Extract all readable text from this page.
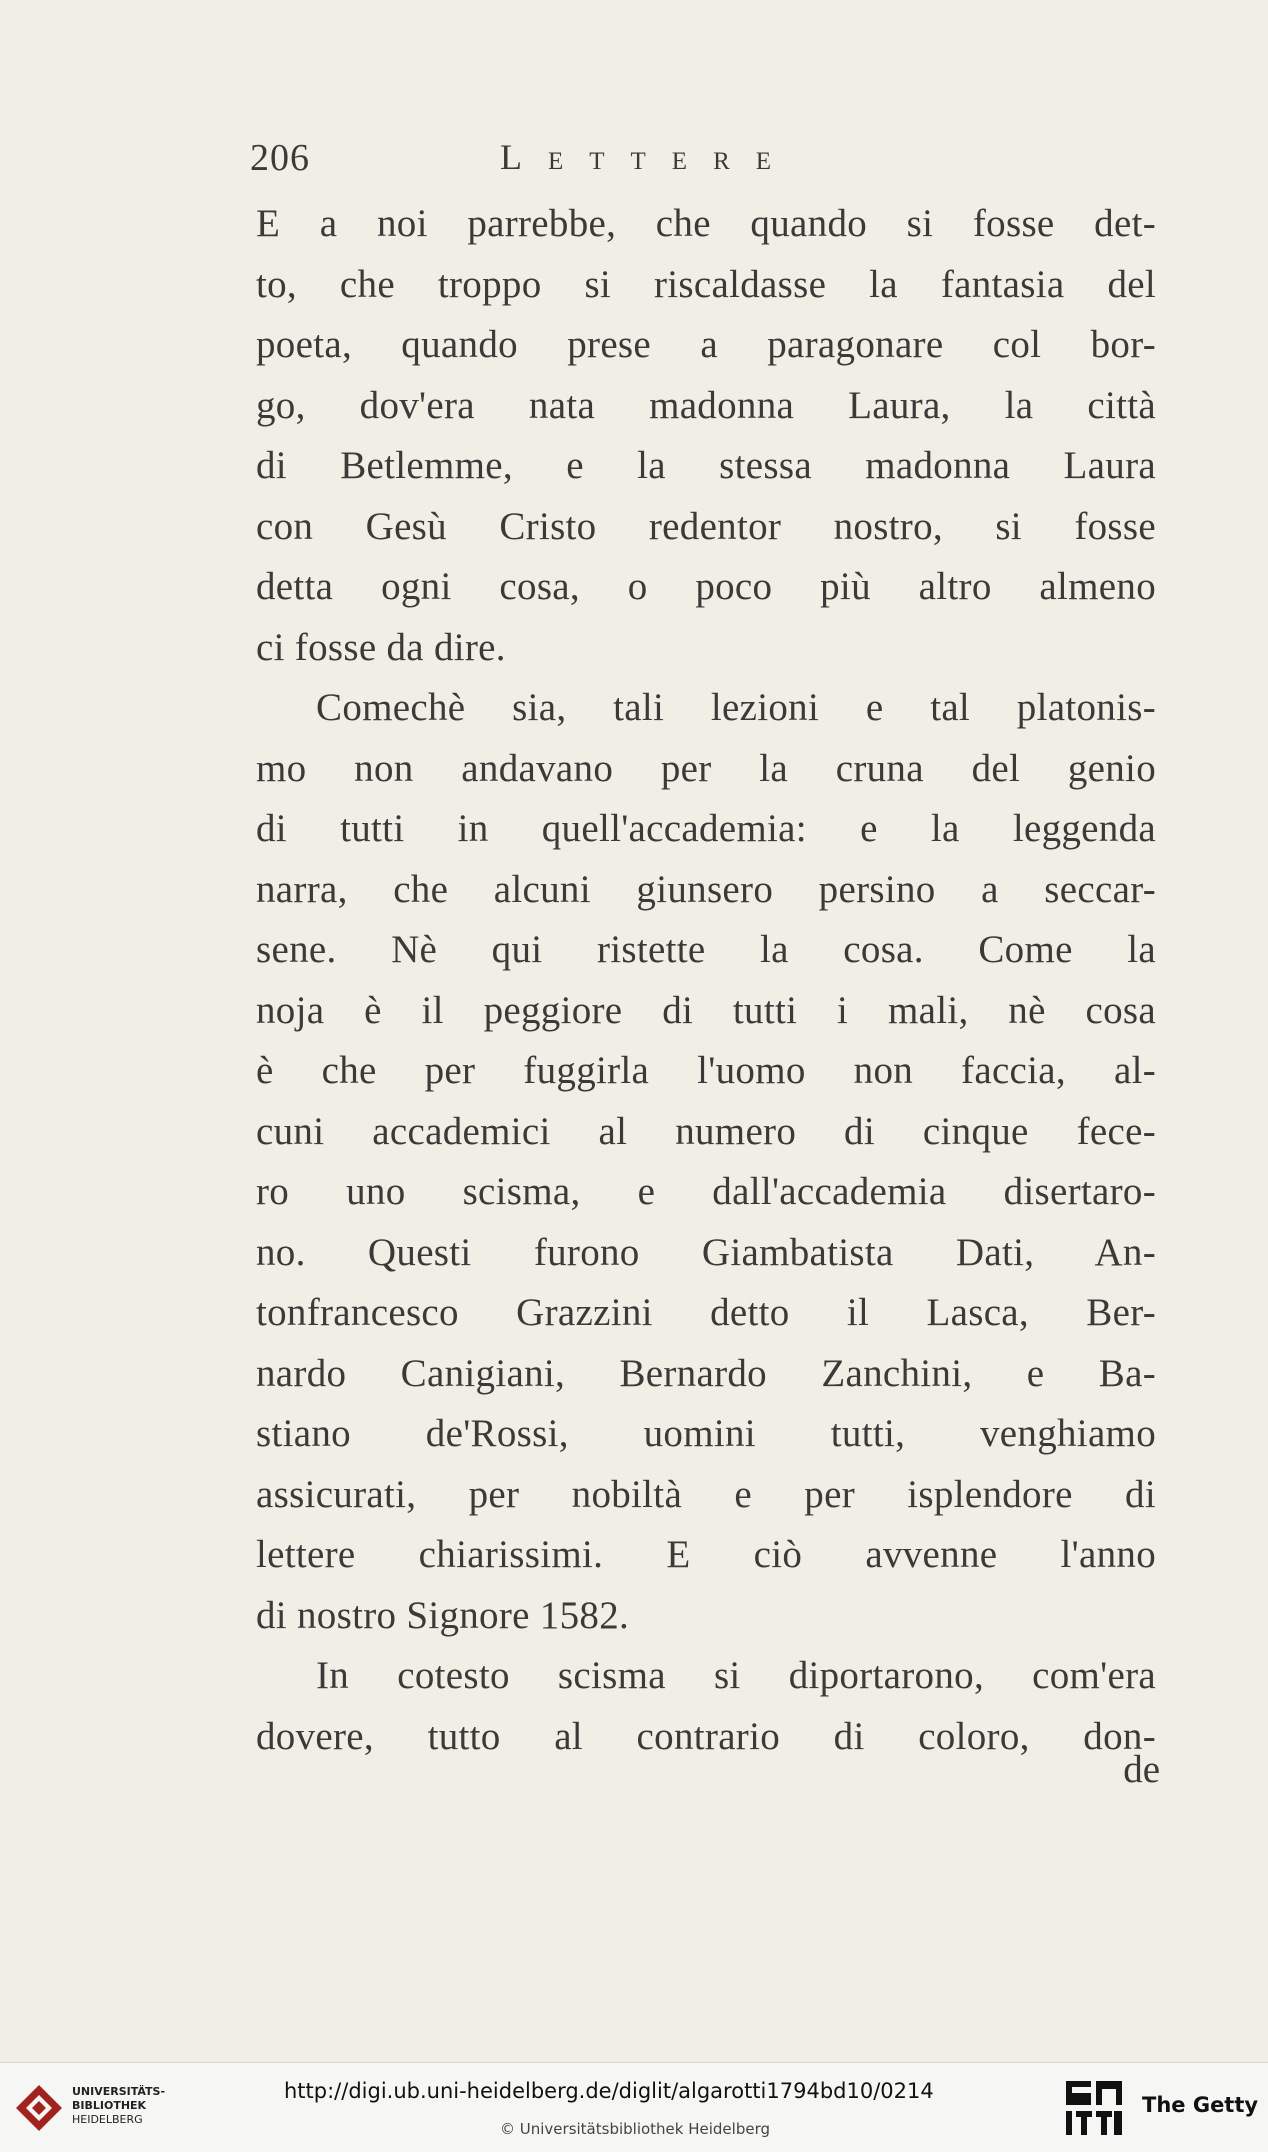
206	Lettere
E a noi parrebbe, che quando si fosse det-
to, che troppo si riscaldasse la fantasia del
poeta, quando prese a paragonare col bor-
go, dov'era nata madonna Laura, la città
di Betlemme, e la stessa madonna Laura
con Gesù Cristo redentor nostro, si fosse
detta ogni cosa, o poco più altro almeno
ci fosse da dire.
Comechè sia, tali lezioni e tal platonis-
mo non andavano per la cruna del genio
di tutti in quell'accademia: e la leggenda
narra, che alcuni giunsero persino a seccar-
sene. Nè qui ristette la cosa. Come la
noja è il peggiore di tutti i mali, nè cosa
è che per fuggirla l'uomo non faccia, al-
cuni accademici al numero di cinque fece-
ro uno scisma, e dall'accademia disertaro-
no. Questi furono Giambatista Dati, An-
tonfrancesco Grazzini detto il Lasca, Ber-
nardo Canigiani, Bernardo Zanchini, e Ba-
stiano de'Rossi, uomini tutti, venghiamo
assicurati, per nobiltà e per isplendore di
lettere chiarissimi. E ciò avvenne l'anno
di nostro Signore 1582.
In cotesto scisma si diportarono, com'era
dovere, tutto al contrario di coloro, don-
de
UNIVERSITÄTS-
BIBLIOTHEK
HEIDELBERG
http://digi.ub.uni-heidelberg.de/diglit/algarotti1794bd10/0214
© Universitätsbibliothek Heidelberg
The Getty
